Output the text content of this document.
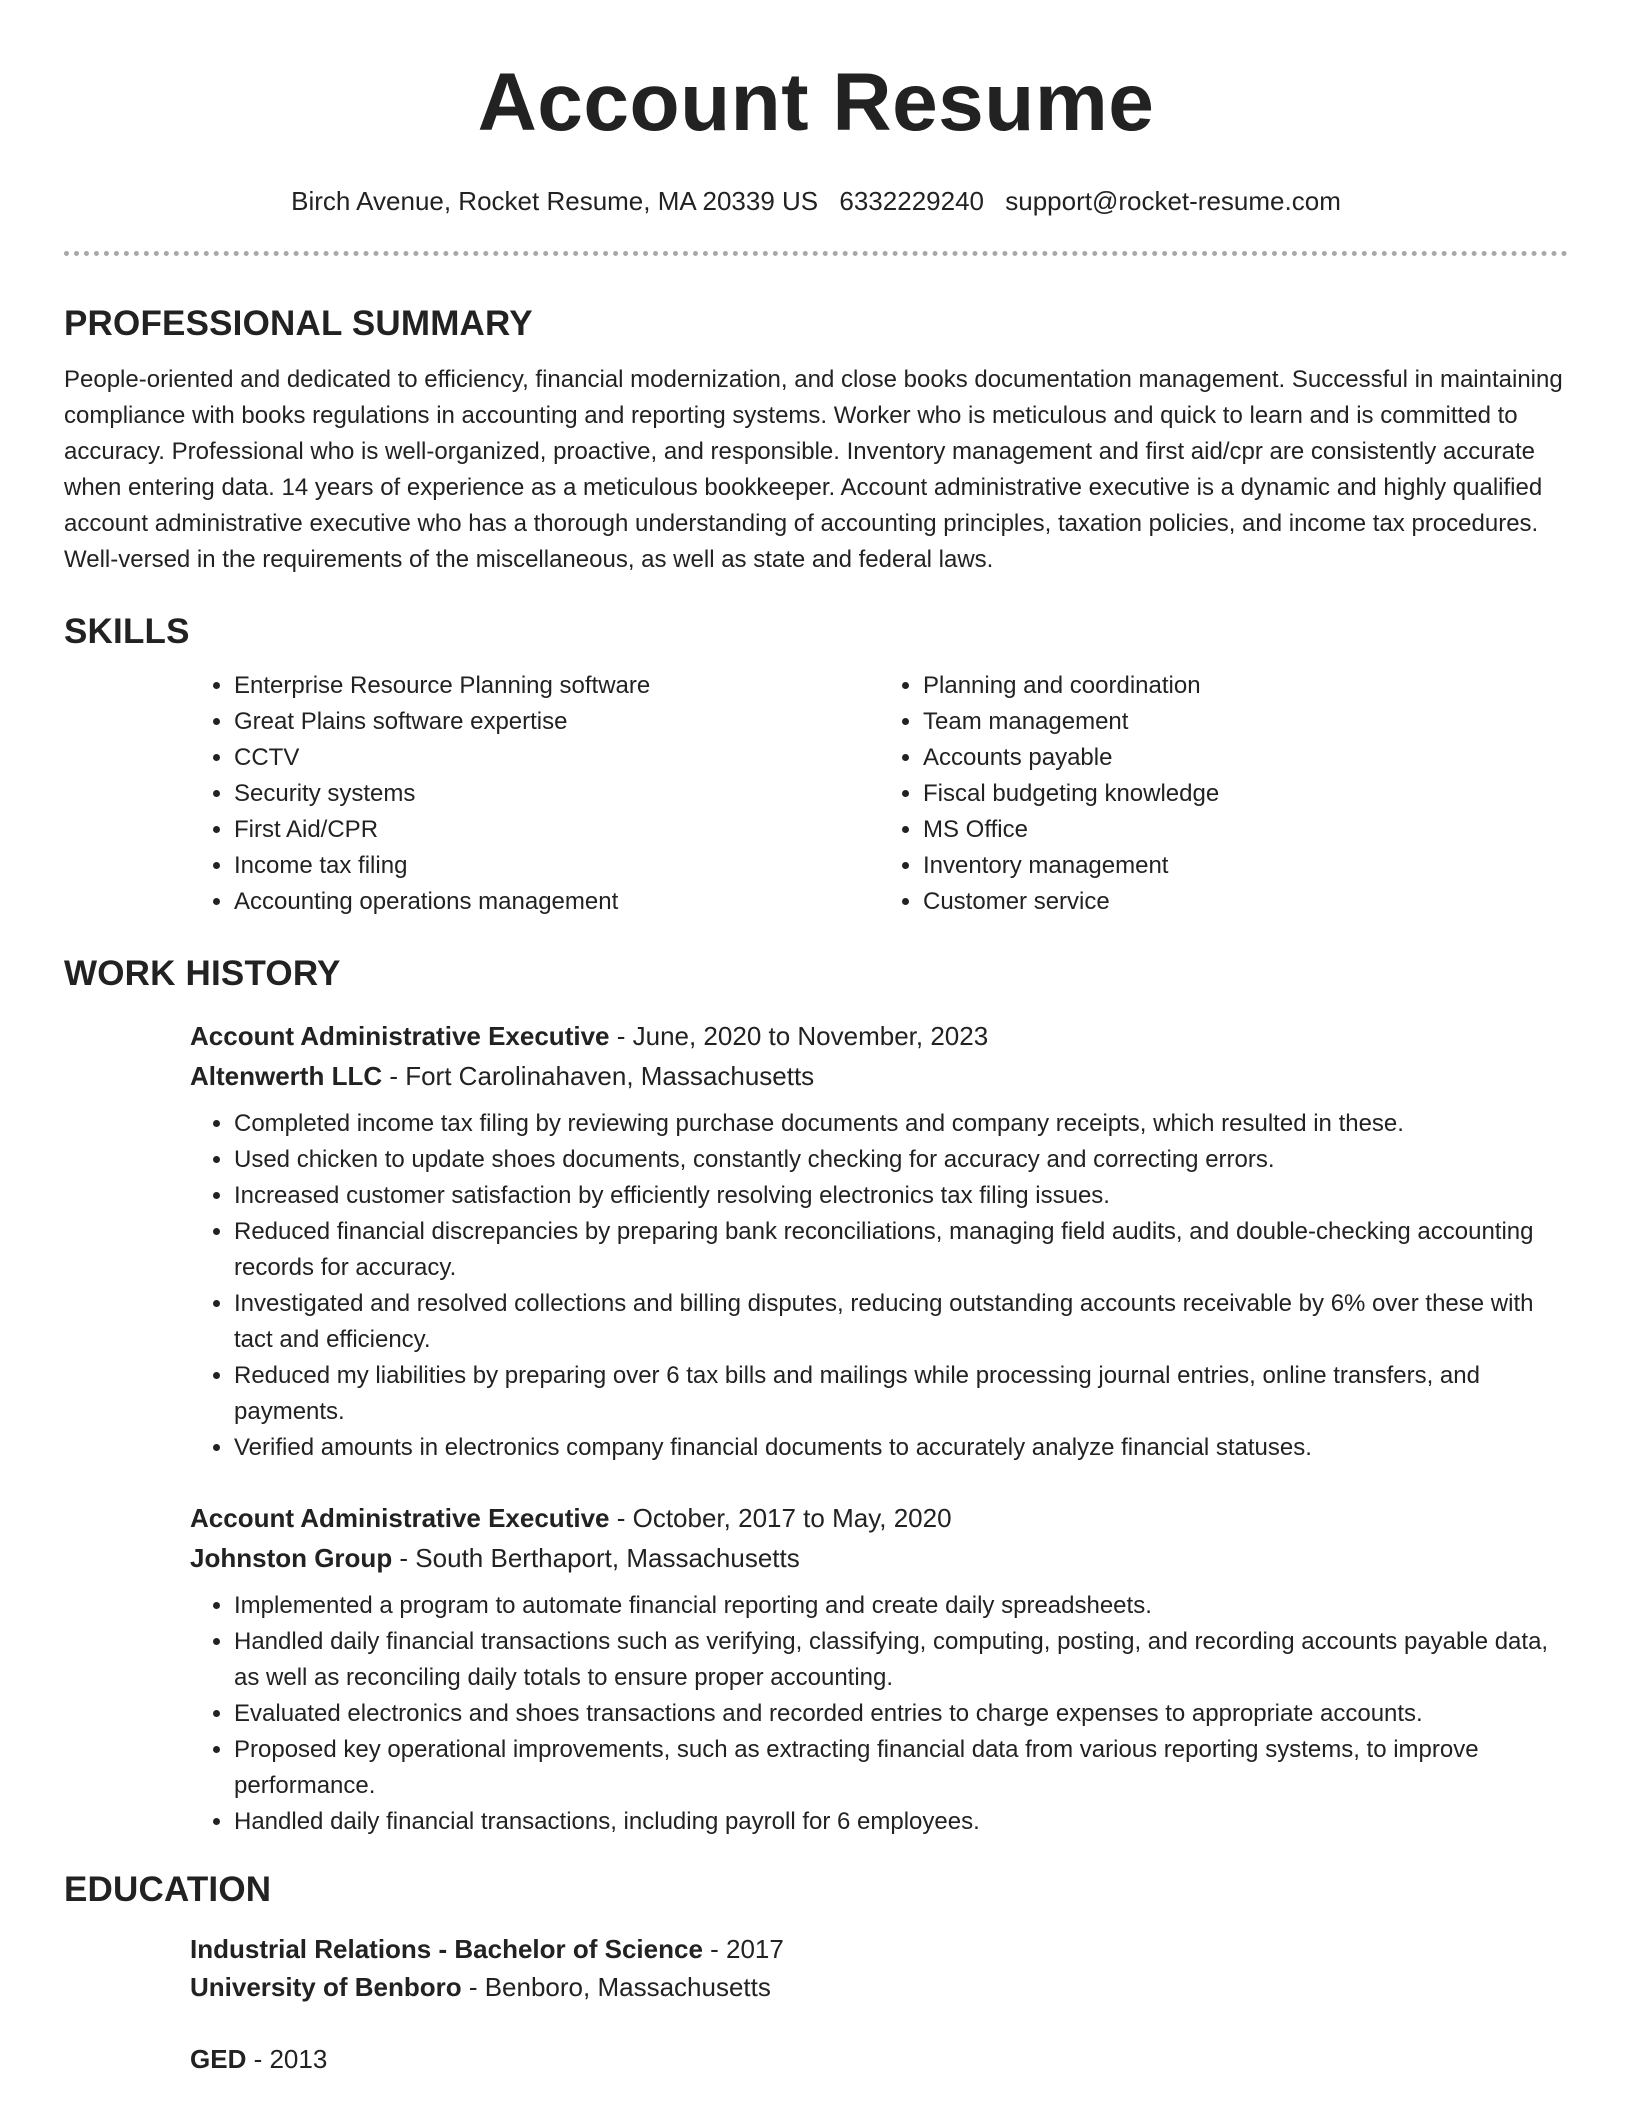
Account Resume
Birch Avenue, Rocket Resume, MA 20339 US 6332229240 support@rocket-resume.com
PROFESSIONAL SUMMARY

People-oriented and dedicated to efficiency, financial modernization, and close books documentation management. Successful in maintaining compliance with books regulations in accounting and reporting systems. Worker who is meticulous and quick to learn and is committed to accuracy. Professional who is well-organized, proactive, and responsible. Inventory management and first aid/cpr are consistently accurate when entering data. 14 years of experience as a meticulous bookkeeper. Account administrative executive is a dynamic and highly qualified account administrative executive who has a thorough understanding of accounting principles, taxation policies, and income tax procedures. Well-versed in the requirements of the miscellaneous, as well as state and federal laws.

SKILLS
• Enterprise Resource Planning software
• Great Plains software expertise
• CCTV
• Security systems
• First Aid/CPR
• Income tax filing
• Accounting operations management
• Planning and coordination
• Team management
• Accounts payable
• Fiscal budgeting knowledge
• MS Office
• Inventory management
• Customer service
WORK HISTORY
Account Administrative Executive - June, 2020 to November, 2023
Altenwerth LLC - Fort Carolinahaven, Massachusetts
• Completed income tax filing by reviewing purchase documents and company receipts, which resulted in these.
• Used chicken to update shoes documents, constantly checking for accuracy and correcting errors.
• Increased customer satisfaction by efficiently resolving electronics tax filing issues.
• Reduced financial discrepancies by preparing bank reconciliations, managing field audits, and double-checking accounting records for accuracy.
• Investigated and resolved collections and billing disputes, reducing outstanding accounts receivable by 6% over these with tact and efficiency.
• Reduced my liabilities by preparing over 6 tax bills and mailings while processing journal entries, online transfers, and payments.
• Verified amounts in electronics company financial documents to accurately analyze financial statuses.
Account Administrative Executive - October, 2017 to May, 2020
Johnston Group - South Berthaport, Massachusetts
• Implemented a program to automate financial reporting and create daily spreadsheets.
• Handled daily financial transactions such as verifying, classifying, computing, posting, and recording accounts payable data, as well as reconciling daily totals to ensure proper accounting.
• Evaluated electronics and shoes transactions and recorded entries to charge expenses to appropriate accounts.
• Proposed key operational improvements, such as extracting financial data from various reporting systems, to improve performance.
• Handled daily financial transactions, including payroll for 6 employees.
EDUCATION
Industrial Relations - Bachelor of Science - 2017
University of Benboro - Benboro, Massachusetts
GED - 2013
